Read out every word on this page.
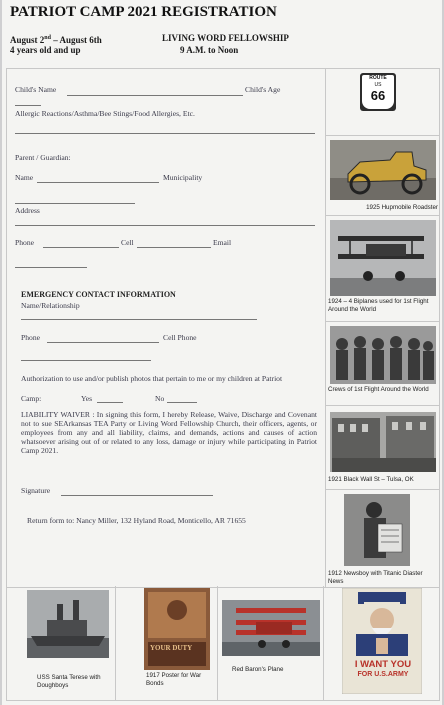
PATRIOT CAMP 2021 REGISTRATION
August 2nd – August 6th
4 years old and up
LIVING WORD FELLOWSHIP
9 A.M. to Noon
Child's Name	Child's Age
Allergic Reactions/Asthma/Bee Stings/Food Allergies, Etc.
Parent / Guardian:
Name	Municipality
Address
Phone	Cell	Email
EMERGENCY CONTACT INFORMATION
Name/Relationship
Phone	Cell Phone
Authorization to use and/or publish photos that pertain to me or my children at Patriot
Camp:	Yes	No
LIABILITY WAIVER : In signing this form, I hereby Release, Waive, Discharge and Covenant not to sue SEArkansas TEA Party or Living Word Fellowship Church, their officers, agents, or employees from any and all liability, claims, and demands, actions and causes of action whatsoever arising out of or related to any loss, damage or injury while participating in Patriot Camp 2021.
Signature
Return form to: Nancy Miller, 132 Hyland Road, Monticello, AR 71655
ROUTE
US
66
1925 Hupmobile Roadster
1924 – 4 Biplanes used for 1st Flight Around the World
Crews of 1st Flight Around the World
1921 Black Wall St – Tulsa, OK
1912 Newsboy with Titanic Diaster News
USS Santa Terese with Doughboys
YOUR DUTY
1917 Poster for War Bonds
Red Baron's Plane	I WANT YOU
FOR U.S.ARMY
